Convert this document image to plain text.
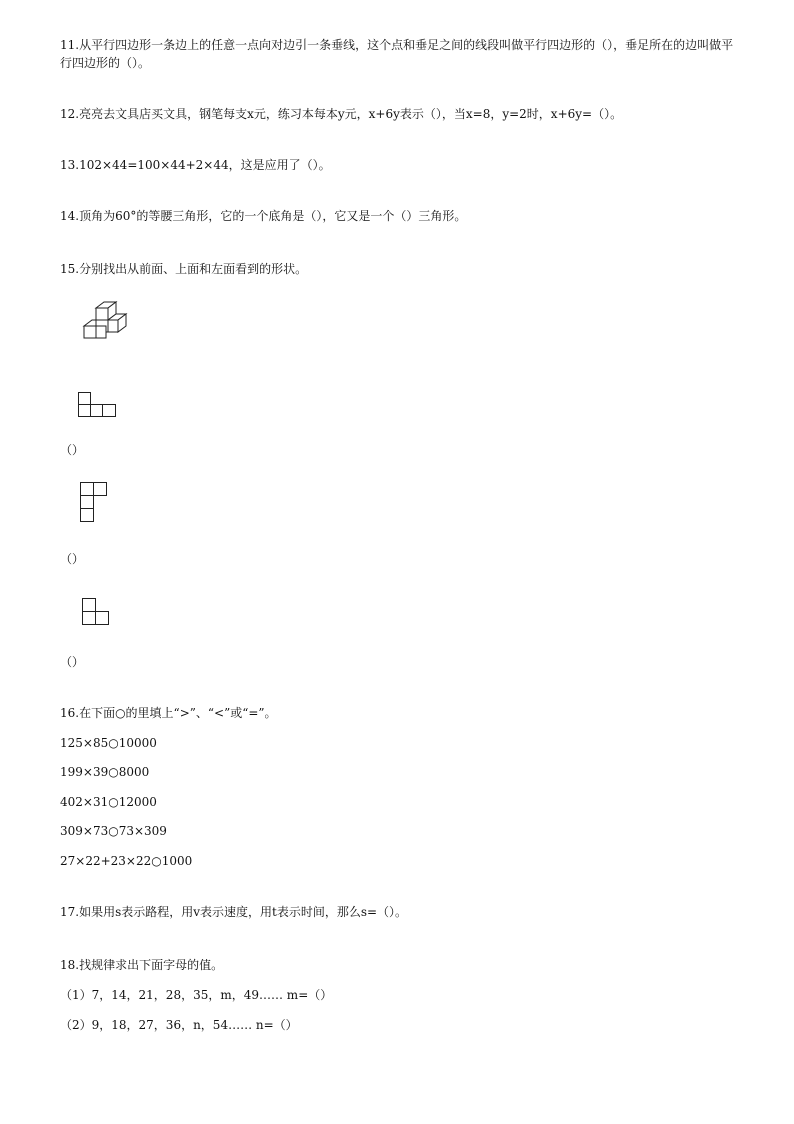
11.从平行四边形一条边上的任意一点向对边引一条垂线，这个点和垂足之间的线段叫做平行四边形的（），垂足所在的边叫做平行四边形的（）。
12.亮亮去文具店买文具，钢笔每支x元，练习本每本y元，x+6y表示（），当x=8，y=2时，x+6y=（）。
13.102×44=100×44+2×44，这是应用了（）。
14.顶角为60°的等腰三角形，它的一个底角是（），它又是一个（）三角形。
15.分别找出从前面、上面和左面看到的形状。
（）
（）
（）
16.在下面○的里填上“>”、“<”或“=”。
125×85○10000
199×39○8000
402×31○12000
309×73○73×309
27×22+23×22○1000
17.如果用s表示路程，用v表示速度，用t表示时间，那么s=（）。
18.找规律求出下面字母的值。
（1）7，14，21，28，35，m，49…… m=（）
（2）9，18，27，36，n，54…… n=（）
